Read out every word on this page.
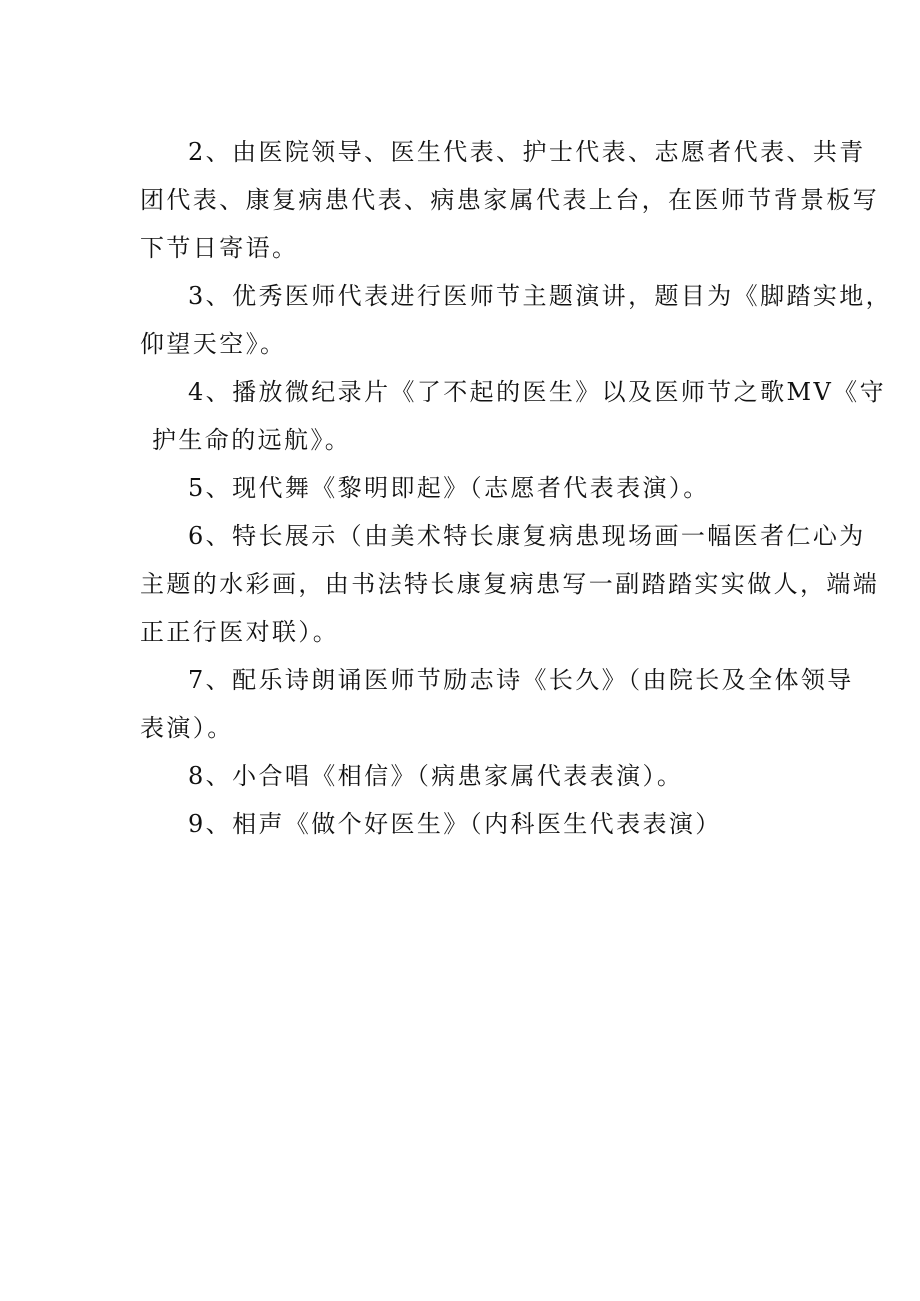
2、由医院领导、医生代表、护士代表、志愿者代表、共青
团代表、康复病患代表、病患家属代表上台，在医师节背景板写
下节日寄语。

3、优秀医师代表进行医师节主题演讲，题目为《脚踏实地，
仰望天空》。

4、播放微纪录片《了不起的医生》以及医师节之歌MV《守
护生命的远航》。

5、现代舞《黎明即起》（志愿者代表表演）。

6、特长展示（由美术特长康复病患现场画一幅医者仁心为
主题的水彩画，由书法特长康复病患写一副踏踏实实做人，端端
正正行医对联）。

7、配乐诗朗诵医师节励志诗《长久》（由院长及全体领导
表演）。

8、小合唱《相信》（病患家属代表表演）。

9、相声《做个好医生》（内科医生代表表演）
